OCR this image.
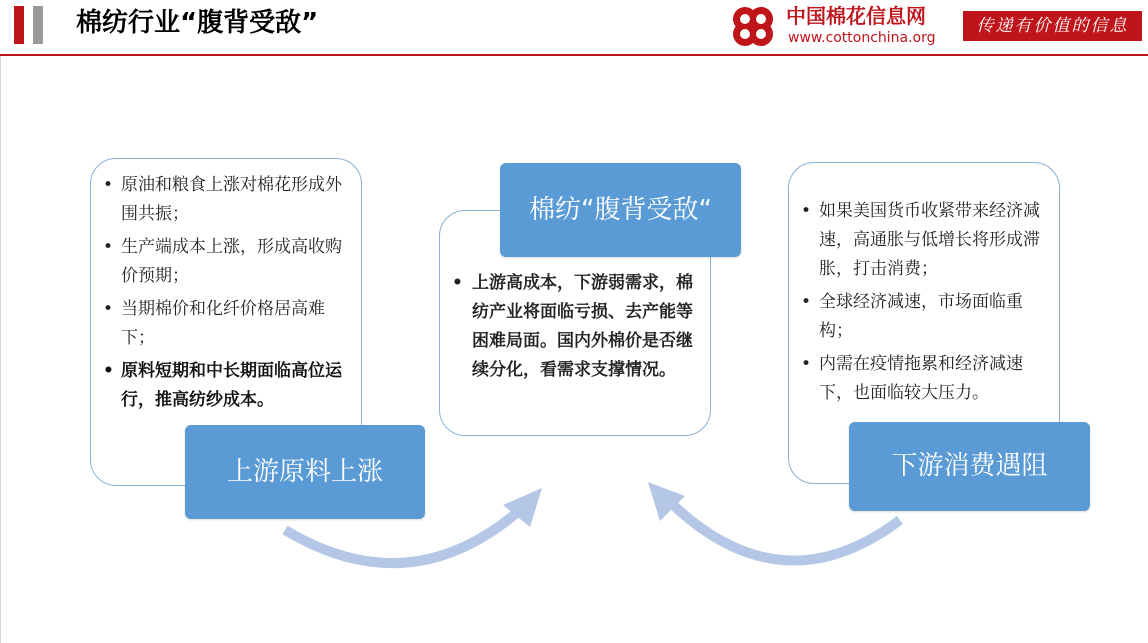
棉纺行业“腹背受敌”	中国棉花信息网
www.cottonchina.org
传递有价值的信息
• 原油和粮食上涨对棉花形成外围共振；
• 生产端成本上涨，形成高收购价预期；
• 当期棉价和化纤价格居高难下；
• 原料短期和中长期面临高位运行，推高纺纱成本。
• 上游高成本，下游弱需求，棉纺产业将面临亏损、去产能等困难局面。国内外棉价是否继续分化，看需求支撑情况。
• 如果美国货币收紧带来经济减速，高通胀与低增长将形成滞胀，打击消费；
• 全球经济减速，市场面临重构；
• 内需在疫情拖累和经济减速下，也面临较大压力。
上游原料上涨
棉纺“腹背受敌“
下游消费遇阻
